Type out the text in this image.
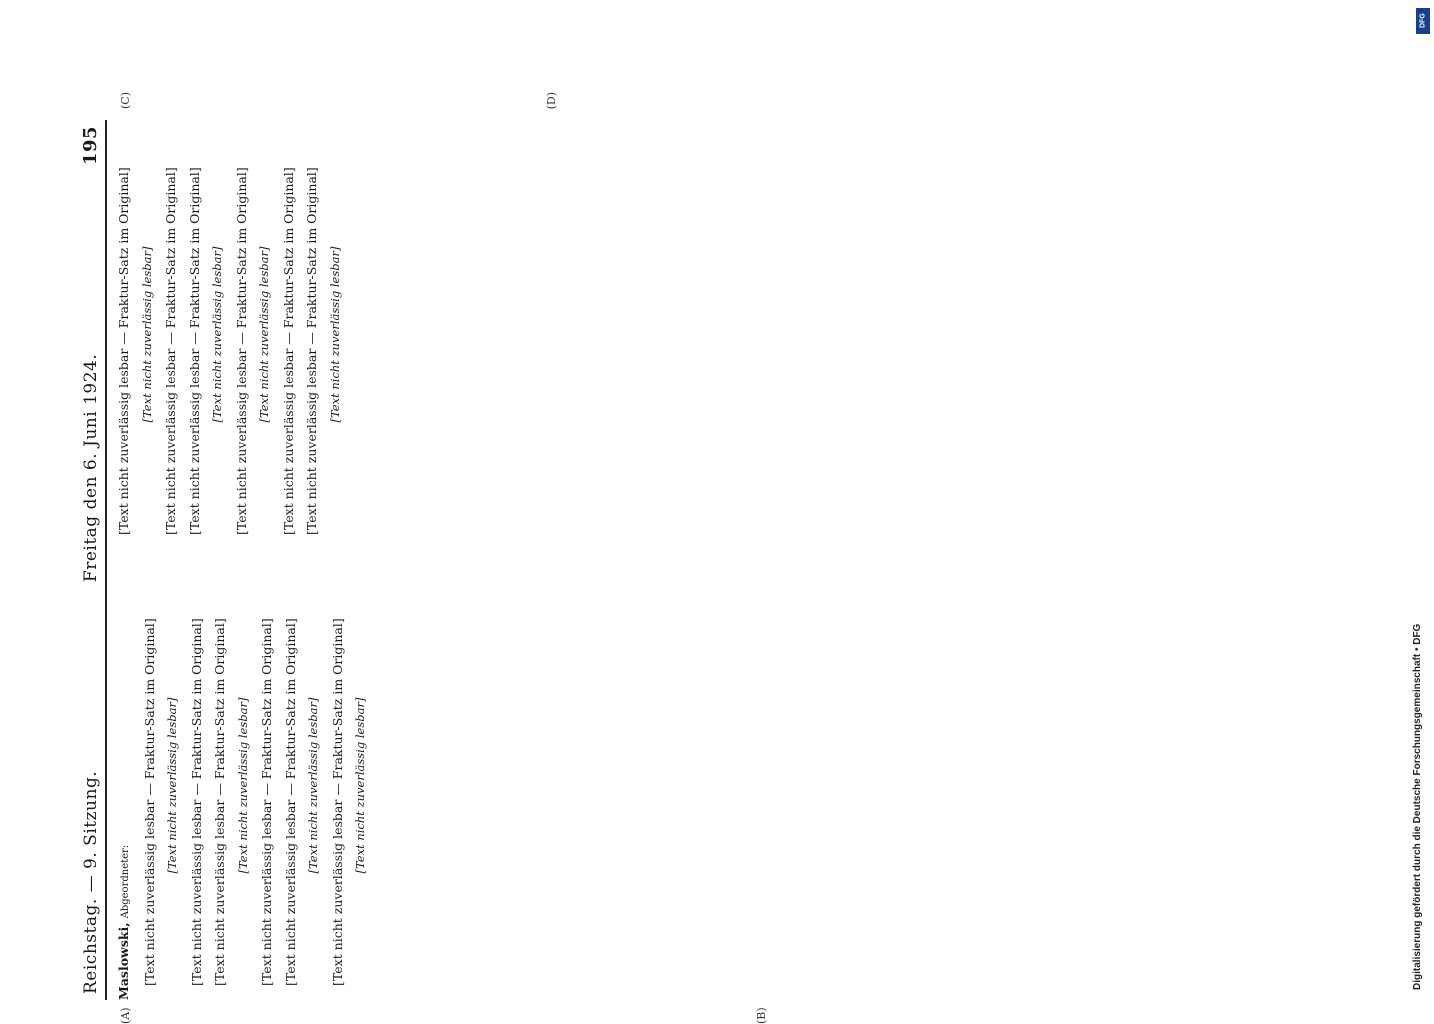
Reichstag. — 9. Sitzung.
Freitag den 6. Juni 1924.
195
(A)	(B)
(C)	(D)

Maslowski, Abgeordneter: [Text nicht zuverlässig lesbar — Fraktur-Satz im Original] [Text nicht zuverlässig lesbar] [Text nicht zuverlässig lesbar — Fraktur-Satz im Original] [Text nicht zuverlässig lesbar — Fraktur-Satz im Original] [Text nicht zuverlässig lesbar] [Text nicht zuverlässig lesbar — Fraktur-Satz im Original] [Text nicht zuverlässig lesbar — Fraktur-Satz im Original] [Text nicht zuverlässig lesbar] [Text nicht zuverlässig lesbar — Fraktur-Satz im Original] [Text nicht zuverlässig lesbar]

[Text nicht zuverlässig lesbar — Fraktur-Satz im Original] [Text nicht zuverlässig lesbar] [Text nicht zuverlässig lesbar — Fraktur-Satz im Original] [Text nicht zuverlässig lesbar — Fraktur-Satz im Original] [Text nicht zuverlässig lesbar] [Text nicht zuverlässig lesbar — Fraktur-Satz im Original] [Text nicht zuverlässig lesbar] [Text nicht zuverlässig lesbar — Fraktur-Satz im Original] [Text nicht zuverlässig lesbar — Fraktur-Satz im Original] [Text nicht zuverlässig lesbar]

DFG
Digitalisierung gefördert durch die Deutsche Forschungsgemeinschaft • DFG
